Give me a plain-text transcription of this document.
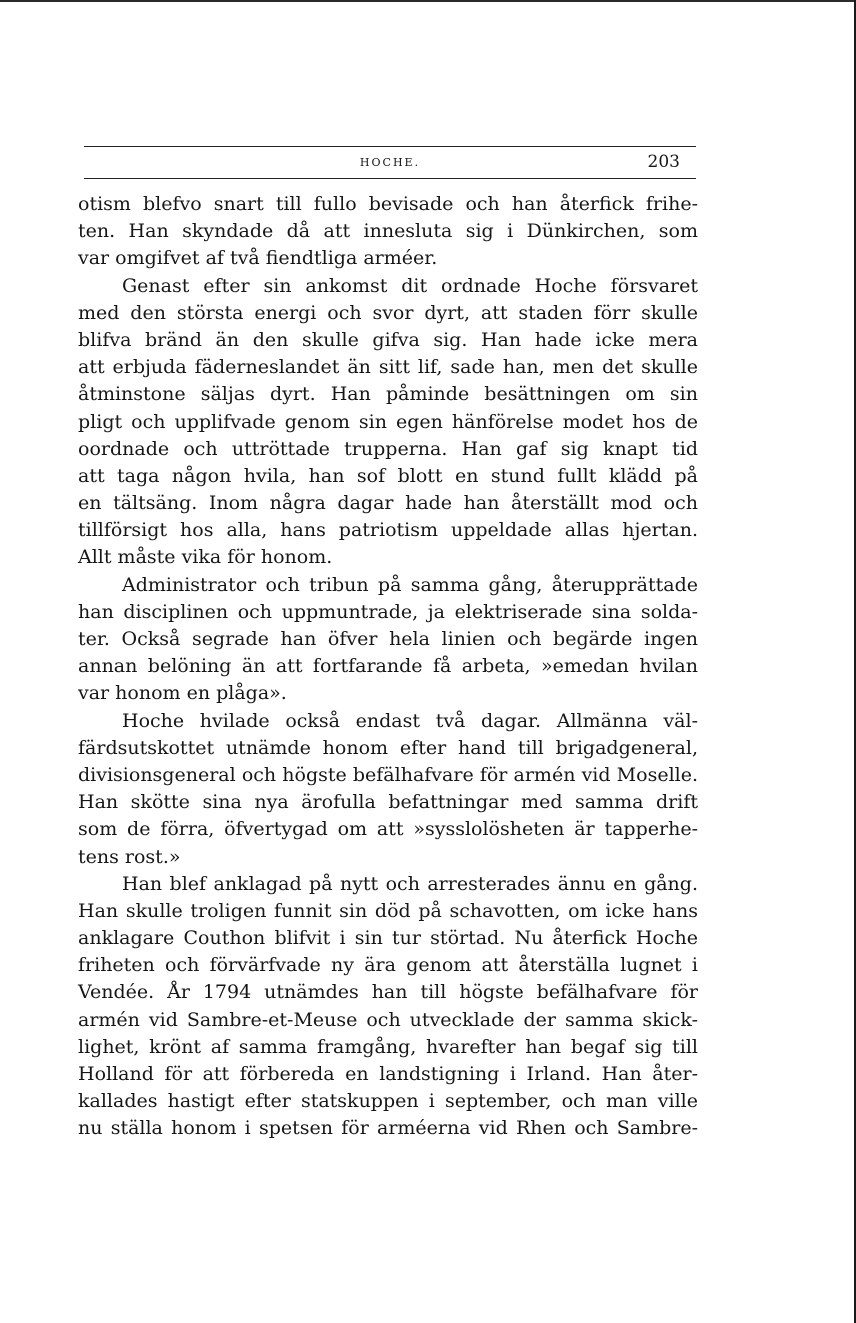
HOCHE.	203
otism blefvo snart till fullo bevisade och han återfick frihe-
ten. Han skyndade då att innesluta sig i Dünkirchen, som
var omgifvet af två fiendtliga arméer.
Genast efter sin ankomst dit ordnade Hoche försvaret
med den största energi och svor dyrt, att staden förr skulle
blifva bränd än den skulle gifva sig. Han hade icke mera
att erbjuda fäderneslandet än sitt lif, sade han, men det skulle
åtminstone säljas dyrt. Han påminde besättningen om sin
pligt och upplifvade genom sin egen hänförelse modet hos de
oordnade och uttröttade trupperna. Han gaf sig knapt tid
att taga någon hvila, han sof blott en stund fullt klädd på
en tältsäng. Inom några dagar hade han återställt mod och
tillförsigt hos alla, hans patriotism uppeldade allas hjertan.
Allt måste vika för honom.
Administrator och tribun på samma gång, återupprättade
han disciplinen och uppmuntrade, ja elektriserade sina solda-
ter. Också segrade han öfver hela linien och begärde ingen
annan belöning än att fortfarande få arbeta, »emedan hvilan
var honom en plåga».
Hoche hvilade också endast två dagar. Allmänna väl-
färdsutskottet utnämde honom efter hand till brigadgeneral,
divisionsgeneral och högste befälhafvare för armén vid Moselle.
Han skötte sina nya ärofulla befattningar med samma drift
som de förra, öfvertygad om att »sysslolösheten är tapperhe-
tens rost.»
Han blef anklagad på nytt och arresterades ännu en gång.
Han skulle troligen funnit sin död på schavotten, om icke hans
anklagare Couthon blifvit i sin tur störtad. Nu återfick Hoche
friheten och förvärfvade ny ära genom att återställa lugnet i
Vendée. År 1794 utnämdes han till högste befälhafvare för
armén vid Sambre-et-Meuse och utvecklade der samma skick-
lighet, krönt af samma framgång, hvarefter han begaf sig till
Holland för att förbereda en landstigning i Irland. Han åter-
kallades hastigt efter statskuppen i september, och man ville
nu ställa honom i spetsen för arméerna vid Rhen och Sambre-
